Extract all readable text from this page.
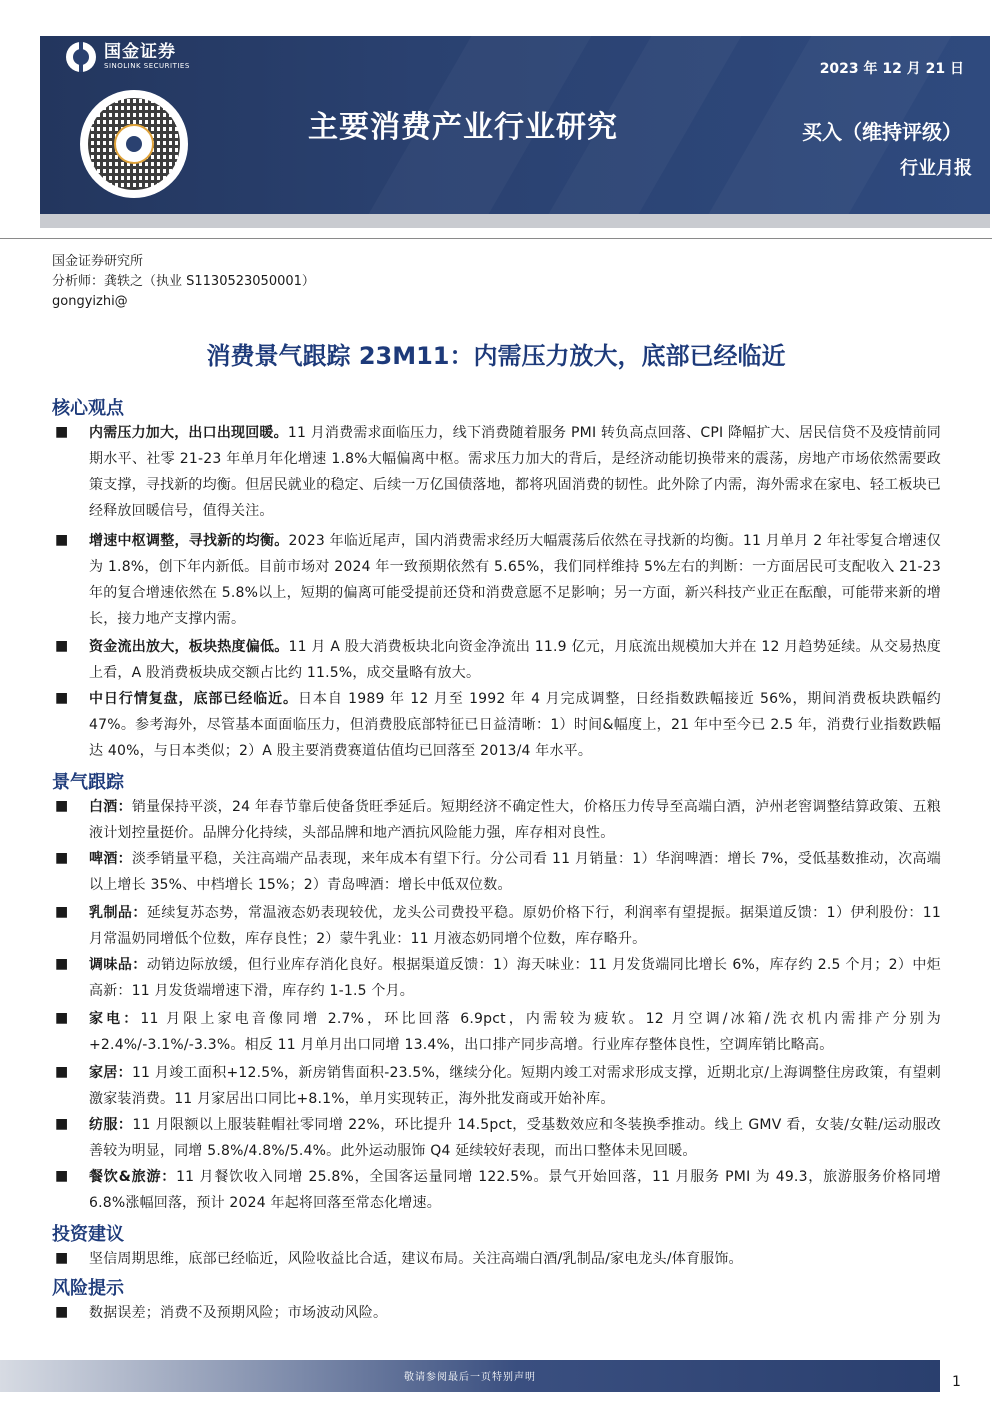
国金证券
SINOLINK SECURITIES	2023 年 12 月 21 日
主要消费产业行业研究	买入（维持评级）
行业月报
国金证券研究所
分析师：龚轶之（执业 S1130523050001）
gongyizhi@
消费景气跟踪 23M11：内需压力放大，底部已经临近
核心观点
■ 内需压力加大，出口出现回暖。11 月消费需求面临压力，线下消费随着服务 PMI 转负高点回落、CPI 降幅扩大、居民信贷不及疫情前同期水平、社零 21-23 年单月年化增速 1.8%大幅偏离中枢。需求压力加大的背后，是经济动能切换带来的震荡，房地产市场依然需要政策支撑，寻找新的均衡。但居民就业的稳定、后续一万亿国债落地，都将巩固消费的韧性。此外除了内需，海外需求在家电、轻工板块已经释放回暖信号，值得关注。
■ 增速中枢调整，寻找新的均衡。2023 年临近尾声，国内消费需求经历大幅震荡后依然在寻找新的均衡。11 月单月 2 年社零复合增速仅为 1.8%，创下年内新低。目前市场对 2024 年一致预期依然有 5.65%，我们同样维持 5%左右的判断：一方面居民可支配收入 21-23 年的复合增速依然在 5.8%以上，短期的偏离可能受提前还贷和消费意愿不足影响；另一方面，新兴科技产业正在酝酿，可能带来新的增长，接力地产支撑内需。
■ 资金流出放大，板块热度偏低。11 月 A 股大消费板块北向资金净流出 11.9 亿元，月底流出规模加大并在 12 月趋势延续。从交易热度上看，A 股消费板块成交额占比约 11.5%，成交量略有放大。
■ 中日行情复盘，底部已经临近。日本自 1989 年 12 月至 1992 年 4 月完成调整，日经指数跌幅接近 56%，期间消费板块跌幅约 47%。参考海外，尽管基本面面临压力，但消费股底部特征已日益清晰：1）时间&幅度上，21 年中至今已 2.5 年，消费行业指数跌幅达 40%，与日本类似；2）A 股主要消费赛道估值均已回落至 2013/4 年水平。
景气跟踪
■ 白酒：销量保持平淡，24 年春节靠后使备货旺季延后。短期经济不确定性大，价格压力传导至高端白酒，泸州老窖调整结算政策、五粮液计划控量挺价。品牌分化持续，头部品牌和地产酒抗风险能力强，库存相对良性。
■ 啤酒：淡季销量平稳，关注高端产品表现，来年成本有望下行。分公司看 11 月销量：1）华润啤酒：增长 7%，受低基数推动，次高端以上增长 35%、中档增长 15%；2）青岛啤酒：增长中低双位数。
■ 乳制品：延续复苏态势，常温液态奶表现较优，龙头公司费投平稳。原奶价格下行，利润率有望提振。据渠道反馈：1）伊利股份：11 月常温奶同增低个位数，库存良性；2）蒙牛乳业：11 月液态奶同增个位数，库存略升。
■ 调味品：动销边际放缓，但行业库存消化良好。根据渠道反馈：1）海天味业：11 月发货端同比增长 6%，库存约 2.5 个月；2）中炬高新：11 月发货端增速下滑，库存约 1-1.5 个月。
■ 家电：11 月限上家电音像同增 2.7%，环比回落 6.9pct，内需较为疲软。12 月空调/冰箱/洗衣机内需排产分别为+2.4%/-3.1%/-3.3%。相反 11 月单月出口同增 13.4%，出口排产同步高增。行业库存整体良性，空调库销比略高。
■ 家居：11 月竣工面积+12.5%，新房销售面积-23.5%，继续分化。短期内竣工对需求形成支撑，近期北京/上海调整住房政策，有望刺激家装消费。11 月家居出口同比+8.1%，单月实现转正，海外批发商或开始补库。
■ 纺服：11 月限额以上服装鞋帽社零同增 22%，环比提升 14.5pct，受基数效应和冬装换季推动。线上 GMV 看，女装/女鞋/运动服改善较为明显，同增 5.8%/4.8%/5.4%。此外运动服饰 Q4 延续较好表现，而出口整体未见回暖。
■ 餐饮&旅游：11 月餐饮收入同增 25.8%，全国客运量同增 122.5%。景气开始回落，11 月服务 PMI 为 49.3，旅游服务价格同增 6.8%涨幅回落，预计 2024 年起将回落至常态化增速。
投资建议
■ 坚信周期思维，底部已经临近，风险收益比合适，建议布局。关注高端白酒/乳制品/家电龙头/体育服饰。
风险提示
■ 数据误差；消费不及预期风险；市场波动风险。
敬请参阅最后一页特别声明	1
